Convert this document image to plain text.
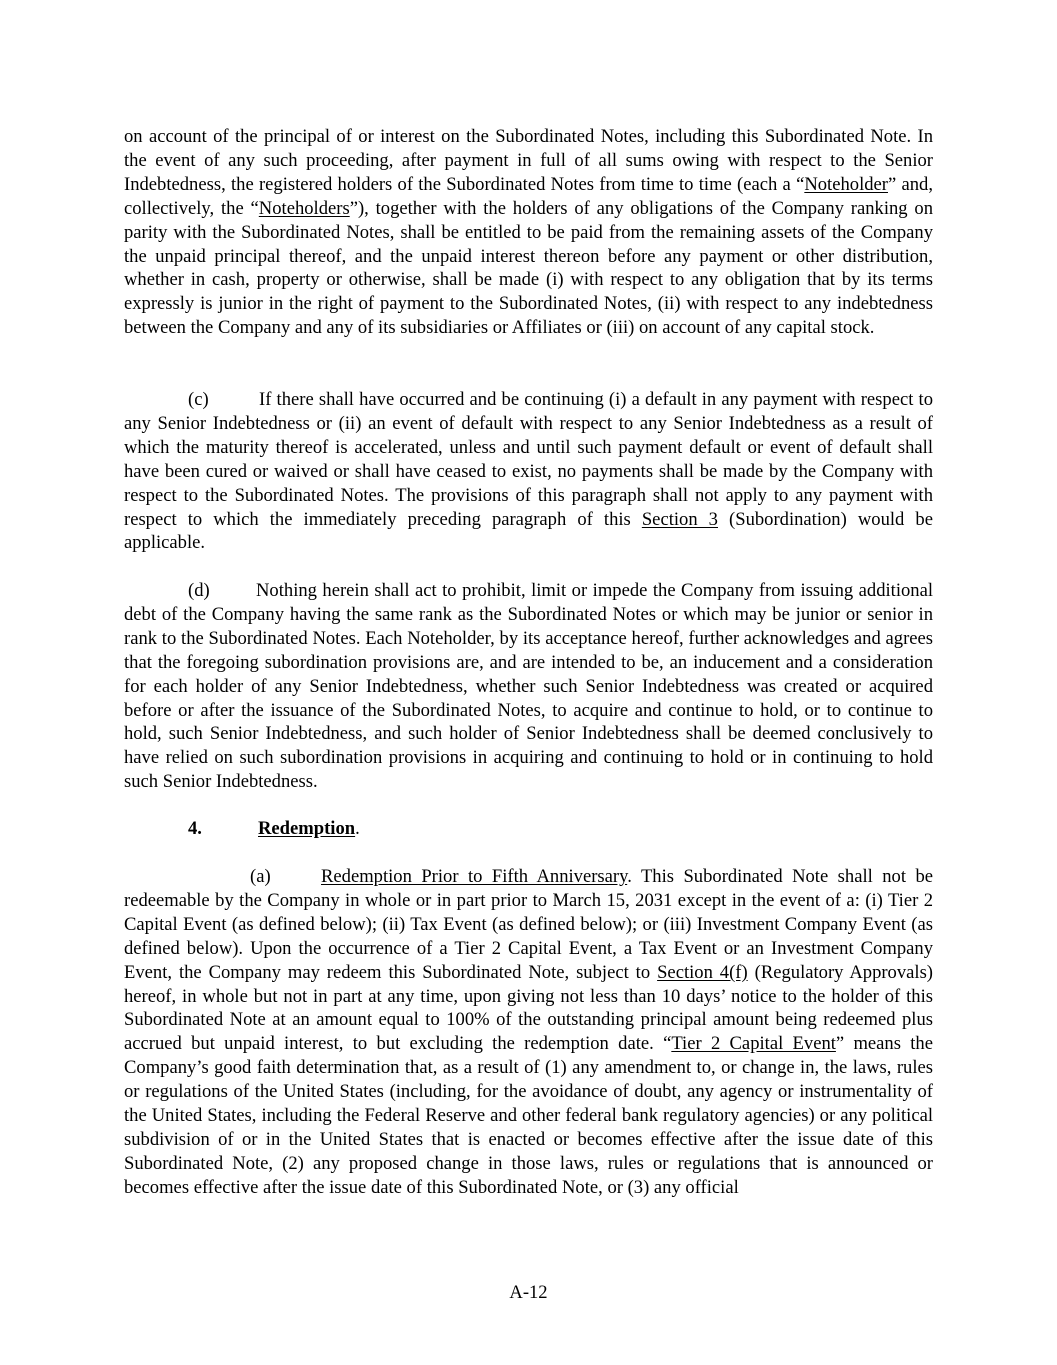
on account of the principal of or interest on the Subordinated Notes, including this Subordinated Note. In the event of any such proceeding, after payment in full of all sums owing with respect to the Senior Indebtedness, the registered holders of the Subordinated Notes from time to time (each a “Noteholder” and, collectively, the “Noteholders”), together with the holders of any obligations of the Company ranking on parity with the Subordinated Notes, shall be entitled to be paid from the remaining assets of the Company the unpaid principal thereof, and the unpaid interest thereon before any payment or other distribution, whether in cash, property or otherwise, shall be made (i) with respect to any obligation that by its terms expressly is junior in the right of payment to the Subordinated Notes, (ii) with respect to any indebtedness between the Company and any of its subsidiaries or Affiliates or (iii) on account of any capital stock.

(c)	If there shall have occurred and be continuing (i) a default in any payment with respect to any Senior Indebtedness or (ii) an event of default with respect to any Senior Indebtedness as a result of which the maturity thereof is accelerated, unless and until such payment default or event of default shall have been cured or waived or shall have ceased to exist, no payments shall be made by the Company with respect to the Subordinated Notes. The provisions of this paragraph shall not apply to any payment with respect to which the immediately preceding paragraph of this Section 3 (Subordination) would be applicable.

(d) Nothing herein shall act to prohibit, limit or impede the Company from issuing additional debt of the Company having the same rank as the Subordinated Notes or which may be junior or senior in rank to the Subordinated Notes. Each Noteholder, by its acceptance hereof, further acknowledges and agrees that the foregoing subordination provisions are, and are intended to be, an inducement and a consideration for each holder of any Senior Indebtedness, whether such Senior Indebtedness was created or acquired before or after the issuance of the Subordinated Notes, to acquire and continue to hold, or to continue to hold, such Senior Indebtedness, and such holder of Senior Indebtedness shall be deemed conclusively to have relied on such subordination provisions in acquiring and continuing to hold or in continuing to hold such Senior Indebtedness.

4.	Redemption.

(a)	Redemption Prior to Fifth Anniversary. This Subordinated Note shall not be redeemable by the Company in whole or in part prior to March 15, 2031 except in the event of a: (i) Tier 2 Capital Event (as defined below); (ii) Tax Event (as defined below); or (iii) Investment Company Event (as defined below). Upon the occurrence of a Tier 2 Capital Event, a Tax Event or an Investment Company Event, the Company may redeem this Subordinated Note, subject to Section 4(f) (Regulatory Approvals) hereof, in whole but not in part at any time, upon giving not less than 10 days’ notice to the holder of this Subordinated Note at an amount equal to 100% of the outstanding principal amount being redeemed plus accrued but unpaid interest, to but excluding the redemption date. “Tier 2 Capital Event” means the Company’s good faith determination that, as a result of (1) any amendment to, or change in, the laws, rules or regulations of the United States (including, for the avoidance of doubt, any agency or instrumentality of the United States, including the Federal Reserve and other federal bank regulatory agencies) or any political subdivision of or in the United States that is enacted or becomes effective after the issue date of this Subordinated Note, (2) any proposed change in those laws, rules or regulations that is announced or becomes effective after the issue date of this Subordinated Note, or (3) any official

A-12
